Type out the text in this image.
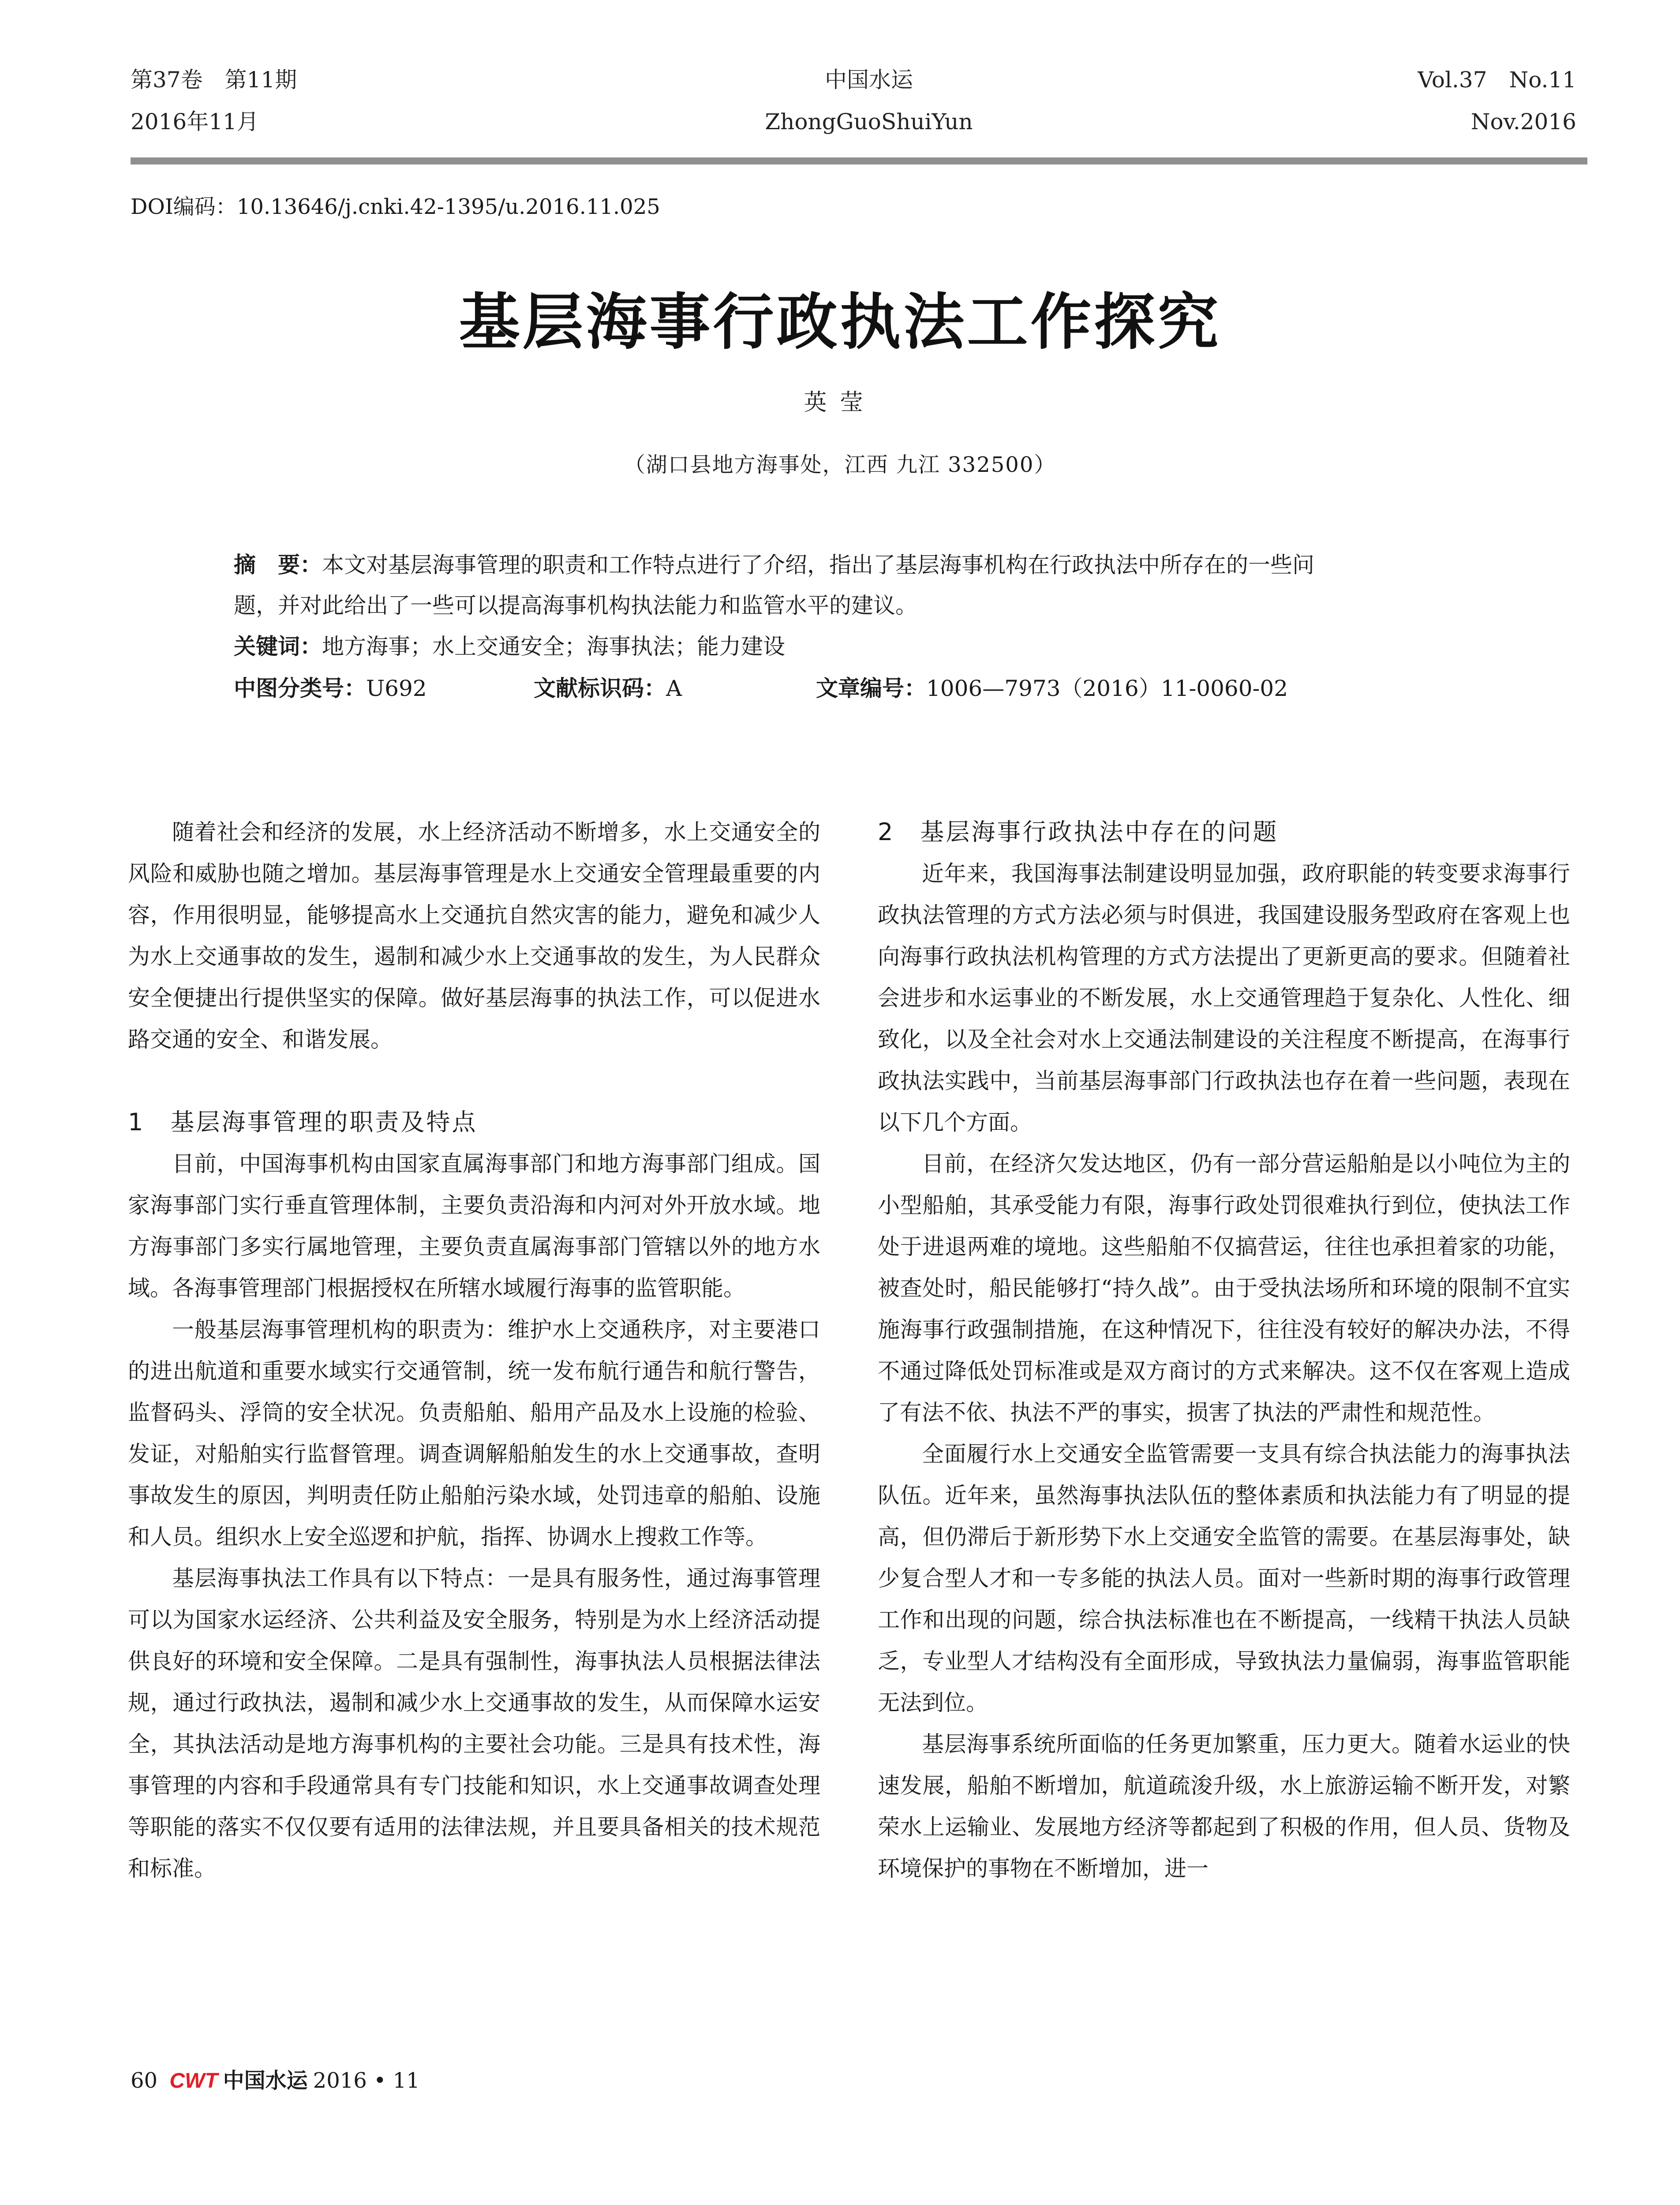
第37卷　第11期
2016年11月
中国水运
ZhongGuoShuiYun
Vol.37　No.11
Nov.2016
DOI编码：10.13646/j.cnki.42-1395/u.2016.11.025
基层海事行政执法工作探究
英莹
（湖口县地方海事处，江西 九江 332500）
摘　要：本文对基层海事管理的职责和工作特点进行了介绍，指出了基层海事机构在行政执法中所存在的一些问
题，并对此给出了一些可以提高海事机构执法能力和监管水平的建议。
关键词：地方海事；水上交通安全；海事执法；能力建设
中图分类号：U692	文献标识码：A	文章编号：1006—7973（2016）11-0060-02

随着社会和经济的发展，水上经济活动不断增多，水上交通安全的风险和威胁也随之增加。基层海事管理是水上交通安全管理最重要的内容，作用很明显，能够提高水上交通抗自然灾害的能力，避免和减少人为水上交通事故的发生，遏制和减少水上交通事故的发生，为人民群众安全便捷出行提供坚实的保障。做好基层海事的执法工作，可以促进水路交通的安全、和谐发展。

1　基层海事管理的职责及特点

目前，中国海事机构由国家直属海事部门和地方海事部门组成。国家海事部门实行垂直管理体制，主要负责沿海和内河对外开放水域。地方海事部门多实行属地管理，主要负责直属海事部门管辖以外的地方水域。各海事管理部门根据授权在所辖水域履行海事的监管职能。

一般基层海事管理机构的职责为：维护水上交通秩序，对主要港口的进出航道和重要水域实行交通管制，统一发布航行通告和航行警告，监督码头、浮筒的安全状况。负责船舶、船用产品及水上设施的检验、发证，对船舶实行监督管理。调查调解船舶发生的水上交通事故，查明事故发生的原因，判明责任防止船舶污染水域，处罚违章的船舶、设施和人员。组织水上安全巡逻和护航，指挥、协调水上搜救工作等。

基层海事执法工作具有以下特点：一是具有服务性，通过海事管理可以为国家水运经济、公共利益及安全服务，特别是为水上经济活动提供良好的环境和安全保障。二是具有强制性，海事执法人员根据法律法规，通过行政执法，遏制和减少水上交通事故的发生，从而保障水运安全，其执法活动是地方海事机构的主要社会功能。三是具有技术性，海事管理的内容和手段通常具有专门技能和知识，水上交通事故调查处理等职能的落实不仅仅要有适用的法律法规，并且要具备相关的技术规范和标准。

2　基层海事行政执法中存在的问题

近年来，我国海事法制建设明显加强，政府职能的转变要求海事行政执法管理的方式方法必须与时俱进，我国建设服务型政府在客观上也向海事行政执法机构管理的方式方法提出了更新更高的要求。但随着社会进步和水运事业的不断发展，水上交通管理趋于复杂化、人性化、细致化，以及全社会对水上交通法制建设的关注程度不断提高，在海事行政执法实践中，当前基层海事部门行政执法也存在着一些问题，表现在以下几个方面。

目前，在经济欠发达地区，仍有一部分营运船舶是以小吨位为主的小型船舶，其承受能力有限，海事行政处罚很难执行到位，使执法工作处于进退两难的境地。这些船舶不仅搞营运，往往也承担着家的功能，被查处时，船民能够打“持久战”。由于受执法场所和环境的限制不宜实施海事行政强制措施，在这种情况下，往往没有较好的解决办法，不得不通过降低处罚标准或是双方商讨的方式来解决。这不仅在客观上造成了有法不依、执法不严的事实，损害了执法的严肃性和规范性。

全面履行水上交通安全监管需要一支具有综合执法能力的海事执法队伍。近年来，虽然海事执法队伍的整体素质和执法能力有了明显的提高，但仍滞后于新形势下水上交通安全监管的需要。在基层海事处，缺少复合型人才和一专多能的执法人员。面对一些新时期的海事行政管理工作和出现的问题，综合执法标准也在不断提高，一线精干执法人员缺乏，专业型人才结构没有全面形成，导致执法力量偏弱，海事监管职能无法到位。

基层海事系统所面临的任务更加繁重，压力更大。随着水运业的快速发展，船舶不断增加，航道疏浚升级，水上旅游运输不断开发，对繁荣水上运输业、发展地方经济等都起到了积极的作用，但人员、货物及环境保护的事物在不断增加，进一

60 CWT 中国水运 2016 • 11
